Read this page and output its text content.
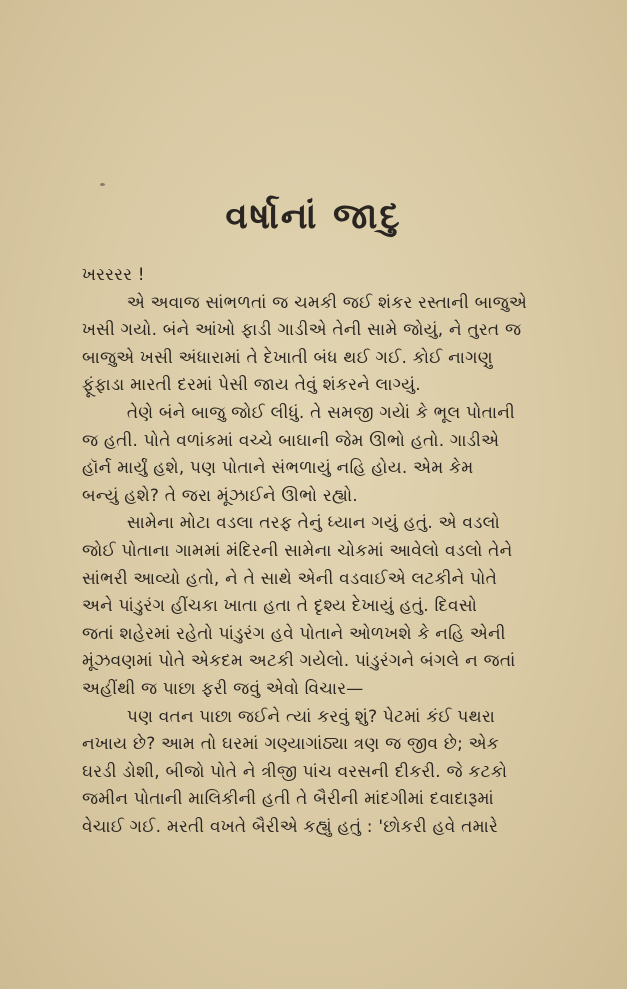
વર્ષાનાં જાદુ
ખરરરર !
એ અવાજ સાંભળતાં જ ચમકી જઈ શંકર રસ્તાની બાજુએ
ખસી ગયો. બંને આંખો ફાડી ગાડીએ તેની સામે જોયું, ને તુરત જ
બાજુએ ખસી અંધારામાં તે દેખાતી બંધ થઈ ગઈ. કોઈ નાગણુ
ફૂંફાડા મારતી દરમાં પેસી જાય તેવું શંકરને લાગ્યું.
તેણે બંને બાજુ જોઈ લીધું. તે સમજી ગયેાં કે ભૂલ પોતાની
જ હતી. પોતે વળાંકમાં વચ્ચે બાઘાની જેમ ઊભો હતો. ગાડીએ
હૉર્ન માર્યું હશે, પણ પોતાને સંભળાયું નહિ હોય. એમ કેમ
બન્યું હશે? તે જરા મૂંઝાઈને ઊભો રહ્યો.
સામેના મોટા વડલા તરફ તેનું ધ્યાન ગયું હતું. એ વડલો
જોઈ પોતાના ગામમાં મંદિરની સામેના ચોકમાં આવેલો વડલો તેને
સાંભરી આવ્યો હતો, ને તે સાથે એની વડવાઈએ લટકીને પોતે
અને પાંડુરંગ હીંચકા ખાતા હતા તે દૃશ્ય દેખાયું હતું. દિવસો
જતાં શહેરમાં રહેતો પાંડુરંગ હવે પોતાને ઓળખશે કે નહિ એની
મૂંઝવણમાં પોતે એકદમ અટકી ગયેલો. પાંડુરંગને બંગલે ન જતાં
અહીંથી જ પાછા ફરી જવું એવો વિચાર—
પણ વતન પાછા જઈને ત્યાં કરવું શું? પેટમાં કંઈ પથરા
નખાય છે? આમ તો ઘરમાં ગણ્યાગાંઠ્યા ત્રણ જ જીવ છે; એક
ઘરડી ડોશી, બીજો પોતે ને ત્રીજી પાંચ વરસની દીકરી. જે કટકો
જમીન પોતાની માલિકીની હતી તે બૈરીની માંદગીમાં દવાદારૂમાં
વેચાઈ ગઈ. મરતી વખતે બૈરીએ કહ્યું હતું : 'છોકરી હવે તમારે
